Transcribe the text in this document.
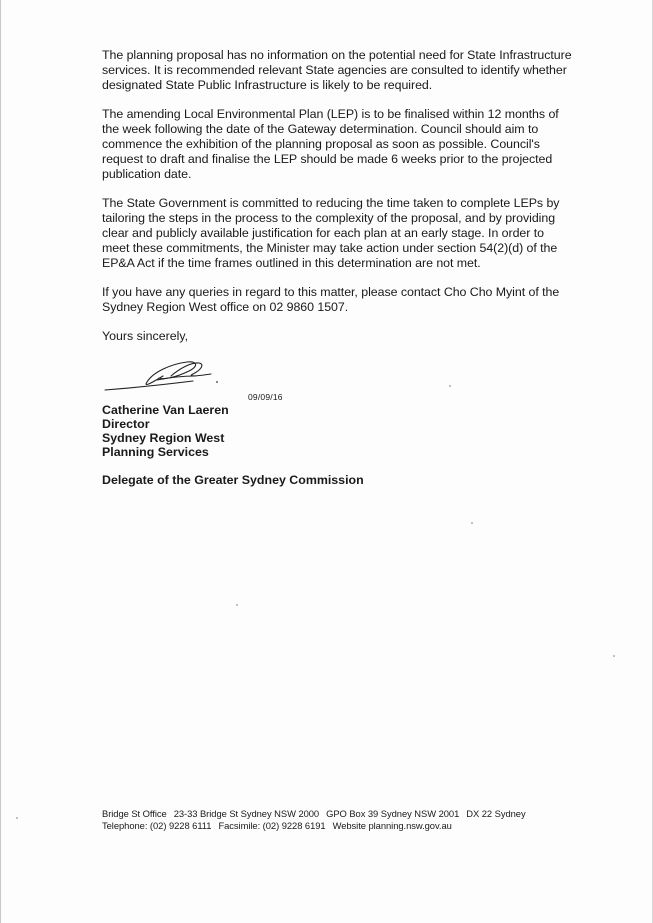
The planning proposal has no information on the potential need for State Infrastructure services. It is recommended relevant State agencies are consulted to identify whether designated State Public Infrastructure is likely to be required.

The amending Local Environmental Plan (LEP) is to be finalised within 12 months of the week following the date of the Gateway determination. Council should aim to commence the exhibition of the planning proposal as soon as possible. Council's request to draft and finalise the LEP should be made 6 weeks prior to the projected publication date.

The State Government is committed to reducing the time taken to complete LEPs by tailoring the steps in the process to the complexity of the proposal, and by providing clear and publicly available justification for each plan at an early stage. In order to meet these commitments, the Minister may take action under section 54(2)(d) of the EP&A Act if the time frames outlined in this determination are not met.

If you have any queries in regard to this matter, please contact Cho Cho Myint of the Sydney Region West office on 02 9860 1507.

Yours sincerely,

09/09/16
Catherine Van Laeren
Director
Sydney Region West
Planning Services
Delegate of the Greater Sydney Commission
Bridge St Office 23-33 Bridge St Sydney NSW 2000 GPO Box 39 Sydney NSW 2001 DX 22 Sydney
Telephone: (02) 9228 6111 Facsimile: (02) 9228 6191 Website planning.nsw.gov.au
